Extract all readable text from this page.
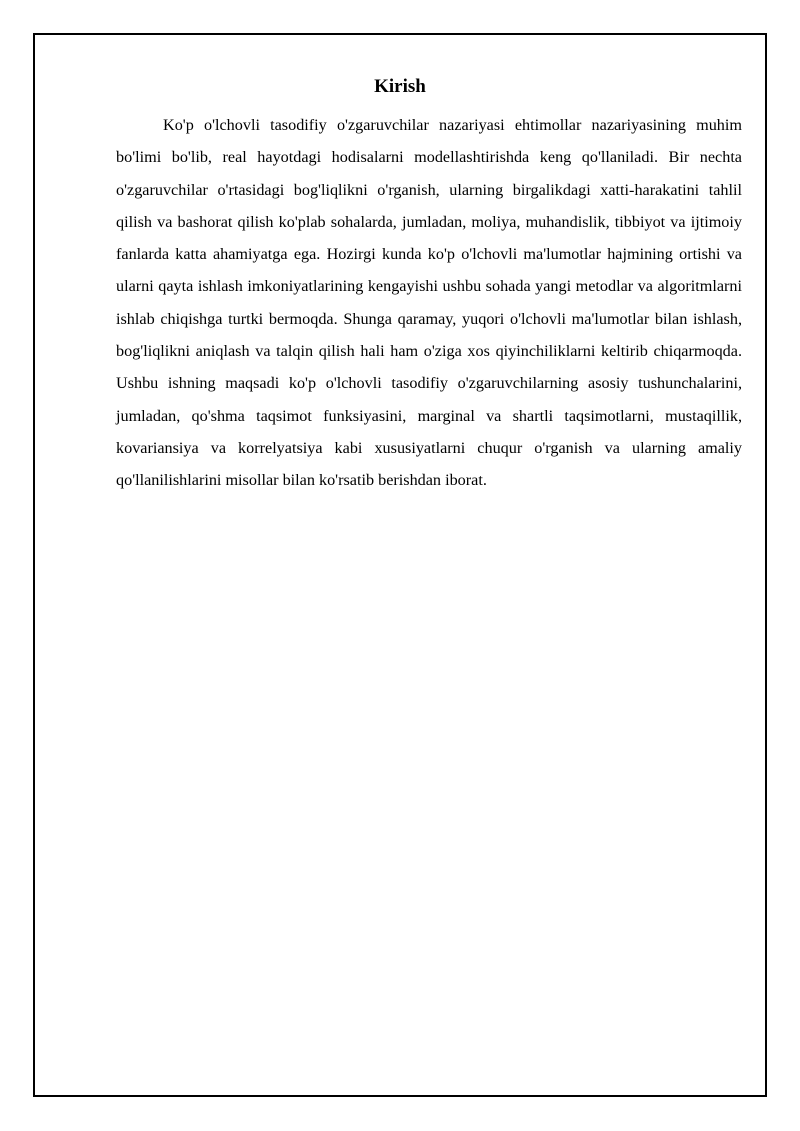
Kirish

Ko'p o'lchovli tasodifiy o'zgaruvchilar nazariyasi ehtimollar nazariyasining muhim bo'limi bo'lib, real hayotdagi hodisalarni modellashtirishda keng qo'llaniladi. Bir nechta o'zgaruvchilar o'rtasidagi bog'liqlikni o'rganish, ularning birgalikdagi xatti-harakatini tahlil qilish va bashorat qilish ko'plab sohalarda, jumladan, moliya, muhandislik, tibbiyot va ijtimoiy fanlarda katta ahamiyatga ega. Hozirgi kunda ko'p o'lchovli ma'lumotlar hajmining ortishi va ularni qayta ishlash imkoniyatlarining kengayishi ushbu sohada yangi metodlar va algoritmlarni ishlab chiqishga turtki bermoqda. Shunga qaramay, yuqori o'lchovli ma'lumotlar bilan ishlash, bog'liqlikni aniqlash va talqin qilish hali ham o'ziga xos qiyinchiliklarni keltirib chiqarmoqda. Ushbu ishning maqsadi ko'p o'lchovli tasodifiy o'zgaruvchilarning asosiy tushunchalarini, jumladan, qo'shma taqsimot funksiyasini, marginal va shartli taqsimotlarni, mustaqillik, kovariansiya va korrelyatsiya kabi xususiyatlarni chuqur o'rganish va ularning amaliy qo'llanilishlarini misollar bilan ko'rsatib berishdan iborat.
